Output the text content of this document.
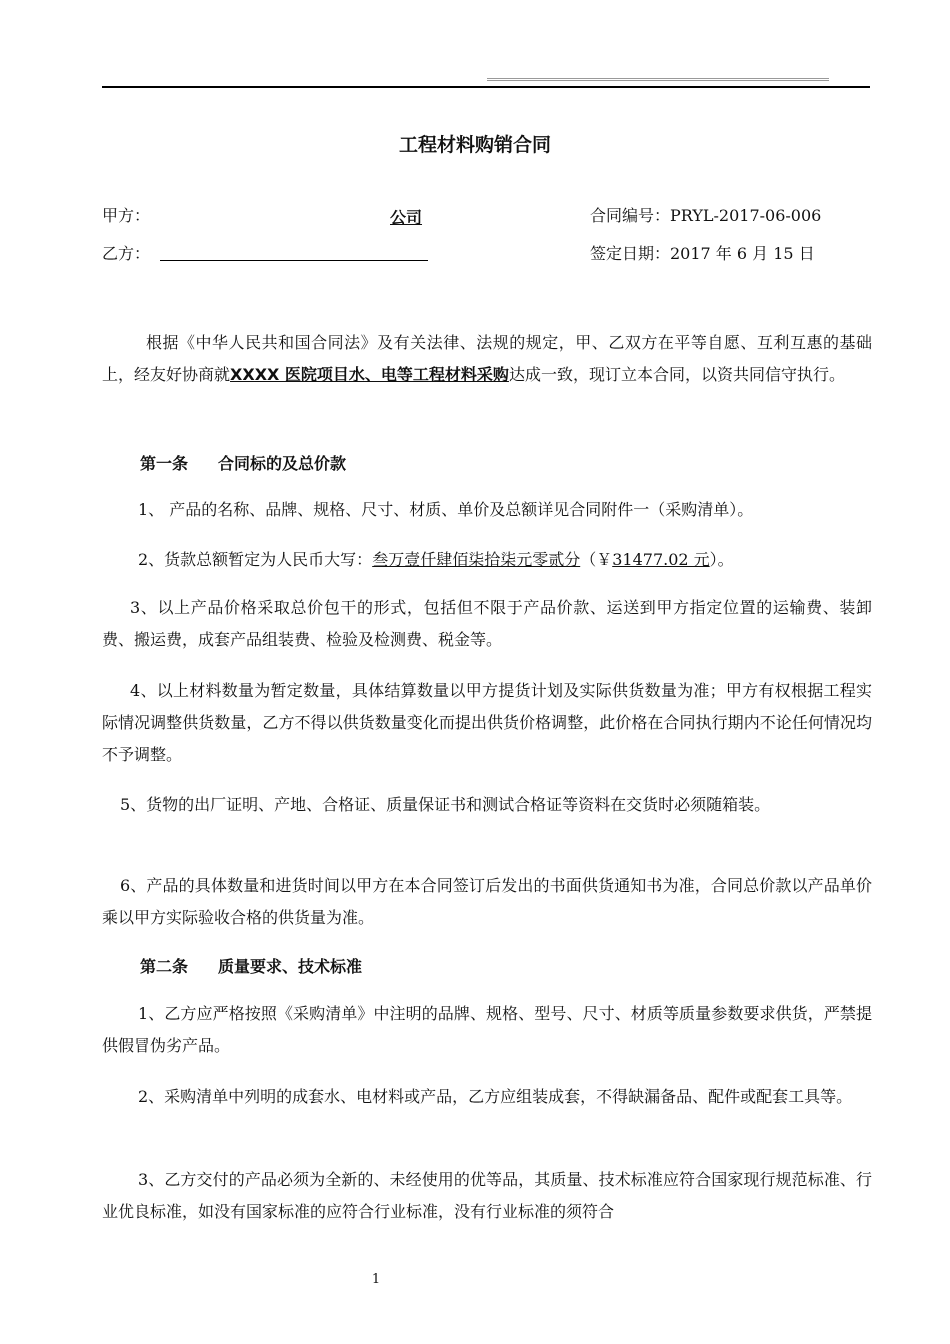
工程材料购销合同
甲方：	公司	合同编号：PRYL-2017-06-006
乙方：	签定日期：2017 年 6 月 15 日
根据《中华人民共和国合同法》及有关法律、法规的规定，甲、乙双方在平等自愿、互利互惠的基础上，经友好协商就XXXX 医院项目水、电等工程材料采购达成一致，现订立本合同，以资共同信守执行。
第一条 合同标的及总价款
1、 产品的名称、品牌、规格、尺寸、材质、单价及总额详见合同附件一（采购清单）。
2、货款总额暂定为人民币大写：叁万壹仟肆佰柒拾柒元零贰分（￥31477.02 元）。
3、以上产品价格采取总价包干的形式，包括但不限于产品价款、运送到甲方指定位置的运输费、装卸费、搬运费，成套产品组装费、检验及检测费、税金等。
4、以上材料数量为暂定数量，具体结算数量以甲方提货计划及实际供货数量为准；甲方有权根据工程实际情况调整供货数量，乙方不得以供货数量变化而提出供货价格调整，此价格在合同执行期内不论任何情况均不予调整。
5、货物的出厂证明、产地、合格证、质量保证书和测试合格证等资料在交货时必须随箱装。
6、产品的具体数量和进货时间以甲方在本合同签订后发出的书面供货通知书为准，合同总价款以产品单价乘以甲方实际验收合格的供货量为准。
第二条 质量要求、技术标准
1、乙方应严格按照《采购清单》中注明的品牌、规格、型号、尺寸、材质等质量参数要求供货，严禁提供假冒伪劣产品。
2、采购清单中列明的成套水、电材料或产品，乙方应组装成套，不得缺漏备品、配件或配套工具等。
3、乙方交付的产品必须为全新的、未经使用的优等品，其质量、技术标准应符合国家现行规范标准、行业优良标准，如没有国家标准的应符合行业标准，没有行业标准的须符合
1
